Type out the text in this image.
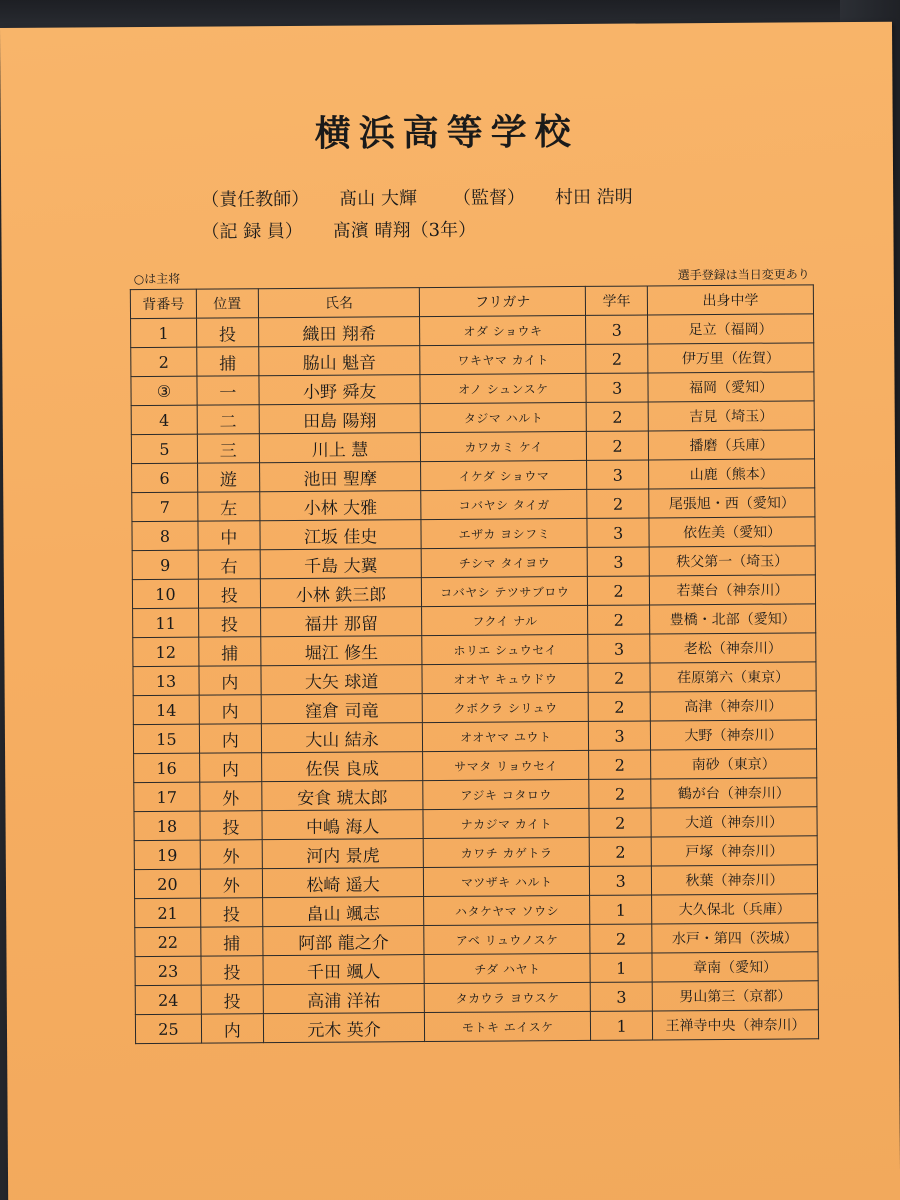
横浜高等学校
（責任教師） 髙山 大輝 （監督） 村田 浩明
（記 録 員） 髙濱 晴翔（3年）
○は主将	選手登録は当日変更あり
背番号	位置	氏名	フリガナ	学年	出身中学
1	投	織田 翔希	オダ ショウキ	3	足立（福岡）
2	捕	脇山 魁音	ワキヤマ カイト	2	伊万里（佐賀）
③	一	小野 舜友	オノ シュンスケ	3	福岡（愛知）
4	二	田島 陽翔	タジマ ハルト	2	吉見（埼玉）
5	三	川上 慧	カワカミ ケイ	2	播磨（兵庫）
6	遊	池田 聖摩	イケダ ショウマ	3	山鹿（熊本）
7	左	小林 大雅	コバヤシ タイガ	2	尾張旭・西（愛知）
8	中	江坂 佳史	エザカ ヨシフミ	3	依佐美（愛知）
9	右	千島 大翼	チシマ タイヨウ	3	秩父第一（埼玉）
10	投	小林 鉄三郎	コバヤシ テツサブロウ	2	若葉台（神奈川）
11	投	福井 那留	フクイ ナル	2	豊橋・北部（愛知）
12	捕	堀江 修生	ホリエ シュウセイ	3	老松（神奈川）
13	内	大矢 球道	オオヤ キュウドウ	2	荏原第六（東京）
14	内	窪倉 司竜	クボクラ シリュウ	2	高津（神奈川）
15	内	大山 結永	オオヤマ ユウト	3	大野（神奈川）
16	内	佐俣 良成	サマタ リョウセイ	2	南砂（東京）
17	外	安食 琥太郎	アジキ コタロウ	2	鶴が台（神奈川）
18	投	中嶋 海人	ナカジマ カイト	2	大道（神奈川）
19	外	河内 景虎	カワチ カゲトラ	2	戸塚（神奈川）
20	外	松崎 遥大	マツザキ ハルト	3	秋葉（神奈川）
21	投	畠山 颯志	ハタケヤマ ソウシ	1	大久保北（兵庫）
22	捕	阿部 龍之介	アベ リュウノスケ	2	水戸・第四（茨城）
23	投	千田 颯人	チダ ハヤト	1	章南（愛知）
24	投	高浦 洋祐	タカウラ ヨウスケ	3	男山第三（京都）
25	内	元木 英介	モトキ エイスケ	1	王禅寺中央（神奈川）
